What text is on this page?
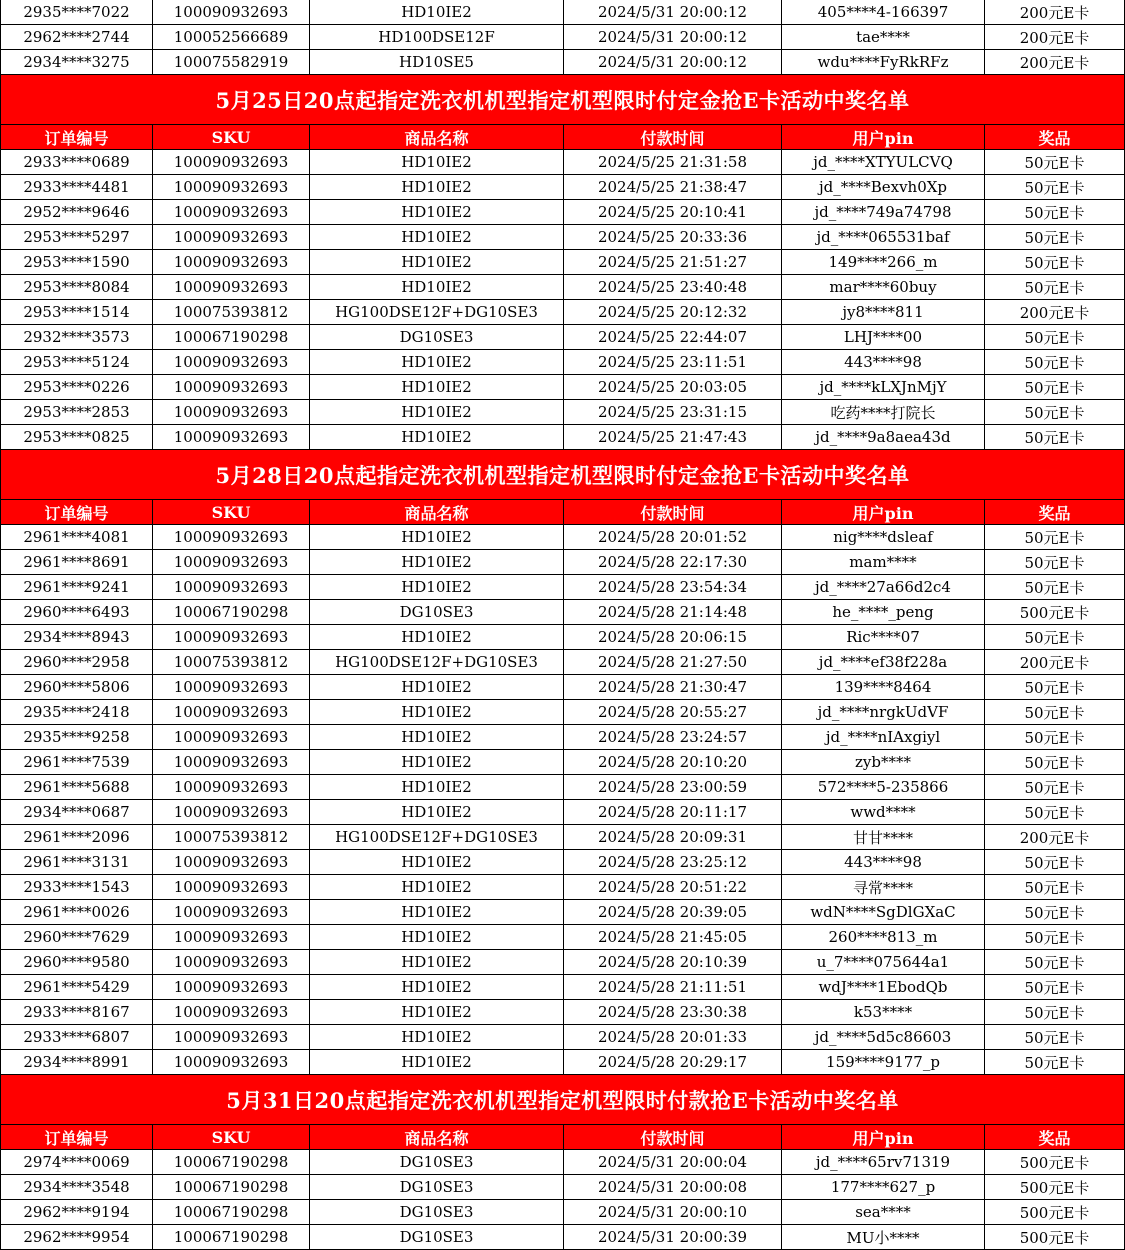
2935****7022	100090932693	HD10IE2	2024/5/31 20:00:12	405****4-166397	200元E卡
2962****2744	100052566689	HD100DSE12F	2024/5/31 20:00:12	tae****	200元E卡
2934****3275	100075582919	HD10SE5	2024/5/31 20:00:12	wdu****FyRkRFz	200元E卡
5月25日20点起指定洗衣机机型指定机型限时付定金抢E卡活动中奖名单
订单编号	SKU	商品名称	付款时间	用户pin	奖品
2933****0689	100090932693	HD10IE2	2024/5/25 21:31:58	jd_****XTYULCVQ	50元E卡
2933****4481	100090932693	HD10IE2	2024/5/25 21:38:47	jd_****Bexvh0Xp	50元E卡
2952****9646	100090932693	HD10IE2	2024/5/25 20:10:41	jd_****749a74798	50元E卡
2953****5297	100090932693	HD10IE2	2024/5/25 20:33:36	jd_****065531baf	50元E卡
2953****1590	100090932693	HD10IE2	2024/5/25 21:51:27	149****266_m	50元E卡
2953****8084	100090932693	HD10IE2	2024/5/25 23:40:48	mar****60buy	50元E卡
2953****1514	100075393812	HG100DSE12F+DG10SE3	2024/5/25 20:12:32	jy8****811	200元E卡
2932****3573	100067190298	DG10SE3	2024/5/25 22:44:07	LHJ****00	50元E卡
2953****5124	100090932693	HD10IE2	2024/5/25 23:11:51	443****98	50元E卡
2953****0226	100090932693	HD10IE2	2024/5/25 20:03:05	jd_****kLXJnMjY	50元E卡
2953****2853	100090932693	HD10IE2	2024/5/25 23:31:15	吃药****打院长	50元E卡
2953****0825	100090932693	HD10IE2	2024/5/25 21:47:43	jd_****9a8aea43d	50元E卡
5月28日20点起指定洗衣机机型指定机型限时付定金抢E卡活动中奖名单
订单编号	SKU	商品名称	付款时间	用户pin	奖品
2961****4081	100090932693	HD10IE2	2024/5/28 20:01:52	nig****dsleaf	50元E卡
2961****8691	100090932693	HD10IE2	2024/5/28 22:17:30	mam****	50元E卡
2961****9241	100090932693	HD10IE2	2024/5/28 23:54:34	jd_****27a66d2c4	50元E卡
2960****6493	100067190298	DG10SE3	2024/5/28 21:14:48	he_****_peng	500元E卡
2934****8943	100090932693	HD10IE2	2024/5/28 20:06:15	Ric****07	50元E卡
2960****2958	100075393812	HG100DSE12F+DG10SE3	2024/5/28 21:27:50	jd_****ef38f228a	200元E卡
2960****5806	100090932693	HD10IE2	2024/5/28 21:30:47	139****8464	50元E卡
2935****2418	100090932693	HD10IE2	2024/5/28 20:55:27	jd_****nrgkUdVF	50元E卡
2935****9258	100090932693	HD10IE2	2024/5/28 23:24:57	jd_****nIAxgiyl	50元E卡
2961****7539	100090932693	HD10IE2	2024/5/28 20:10:20	zyb****	50元E卡
2961****5688	100090932693	HD10IE2	2024/5/28 23:00:59	572****5-235866	50元E卡
2934****0687	100090932693	HD10IE2	2024/5/28 20:11:17	wwd****	50元E卡
2961****2096	100075393812	HG100DSE12F+DG10SE3	2024/5/28 20:09:31	甘甘****	200元E卡
2961****3131	100090932693	HD10IE2	2024/5/28 23:25:12	443****98	50元E卡
2933****1543	100090932693	HD10IE2	2024/5/28 20:51:22	寻常****	50元E卡
2961****0026	100090932693	HD10IE2	2024/5/28 20:39:05	wdN****SgDlGXaC	50元E卡
2960****7629	100090932693	HD10IE2	2024/5/28 21:45:05	260****813_m	50元E卡
2960****9580	100090932693	HD10IE2	2024/5/28 20:10:39	u_7****075644a1	50元E卡
2961****5429	100090932693	HD10IE2	2024/5/28 21:11:51	wdJ****1EbodQb	50元E卡
2933****8167	100090932693	HD10IE2	2024/5/28 23:30:38	k53****	50元E卡
2933****6807	100090932693	HD10IE2	2024/5/28 20:01:33	jd_****5d5c86603	50元E卡
2934****8991	100090932693	HD10IE2	2024/5/28 20:29:17	159****9177_p	50元E卡
5月31日20点起指定洗衣机机型指定机型限时付款抢E卡活动中奖名单
订单编号	SKU	商品名称	付款时间	用户pin	奖品
2974****0069	100067190298	DG10SE3	2024/5/31 20:00:04	jd_****65rv71319	500元E卡
2934****3548	100067190298	DG10SE3	2024/5/31 20:00:08	177****627_p	500元E卡
2962****9194	100067190298	DG10SE3	2024/5/31 20:00:10	sea****	500元E卡
2962****9954	100067190298	DG10SE3	2024/5/31 20:00:39	MU小****	500元E卡
